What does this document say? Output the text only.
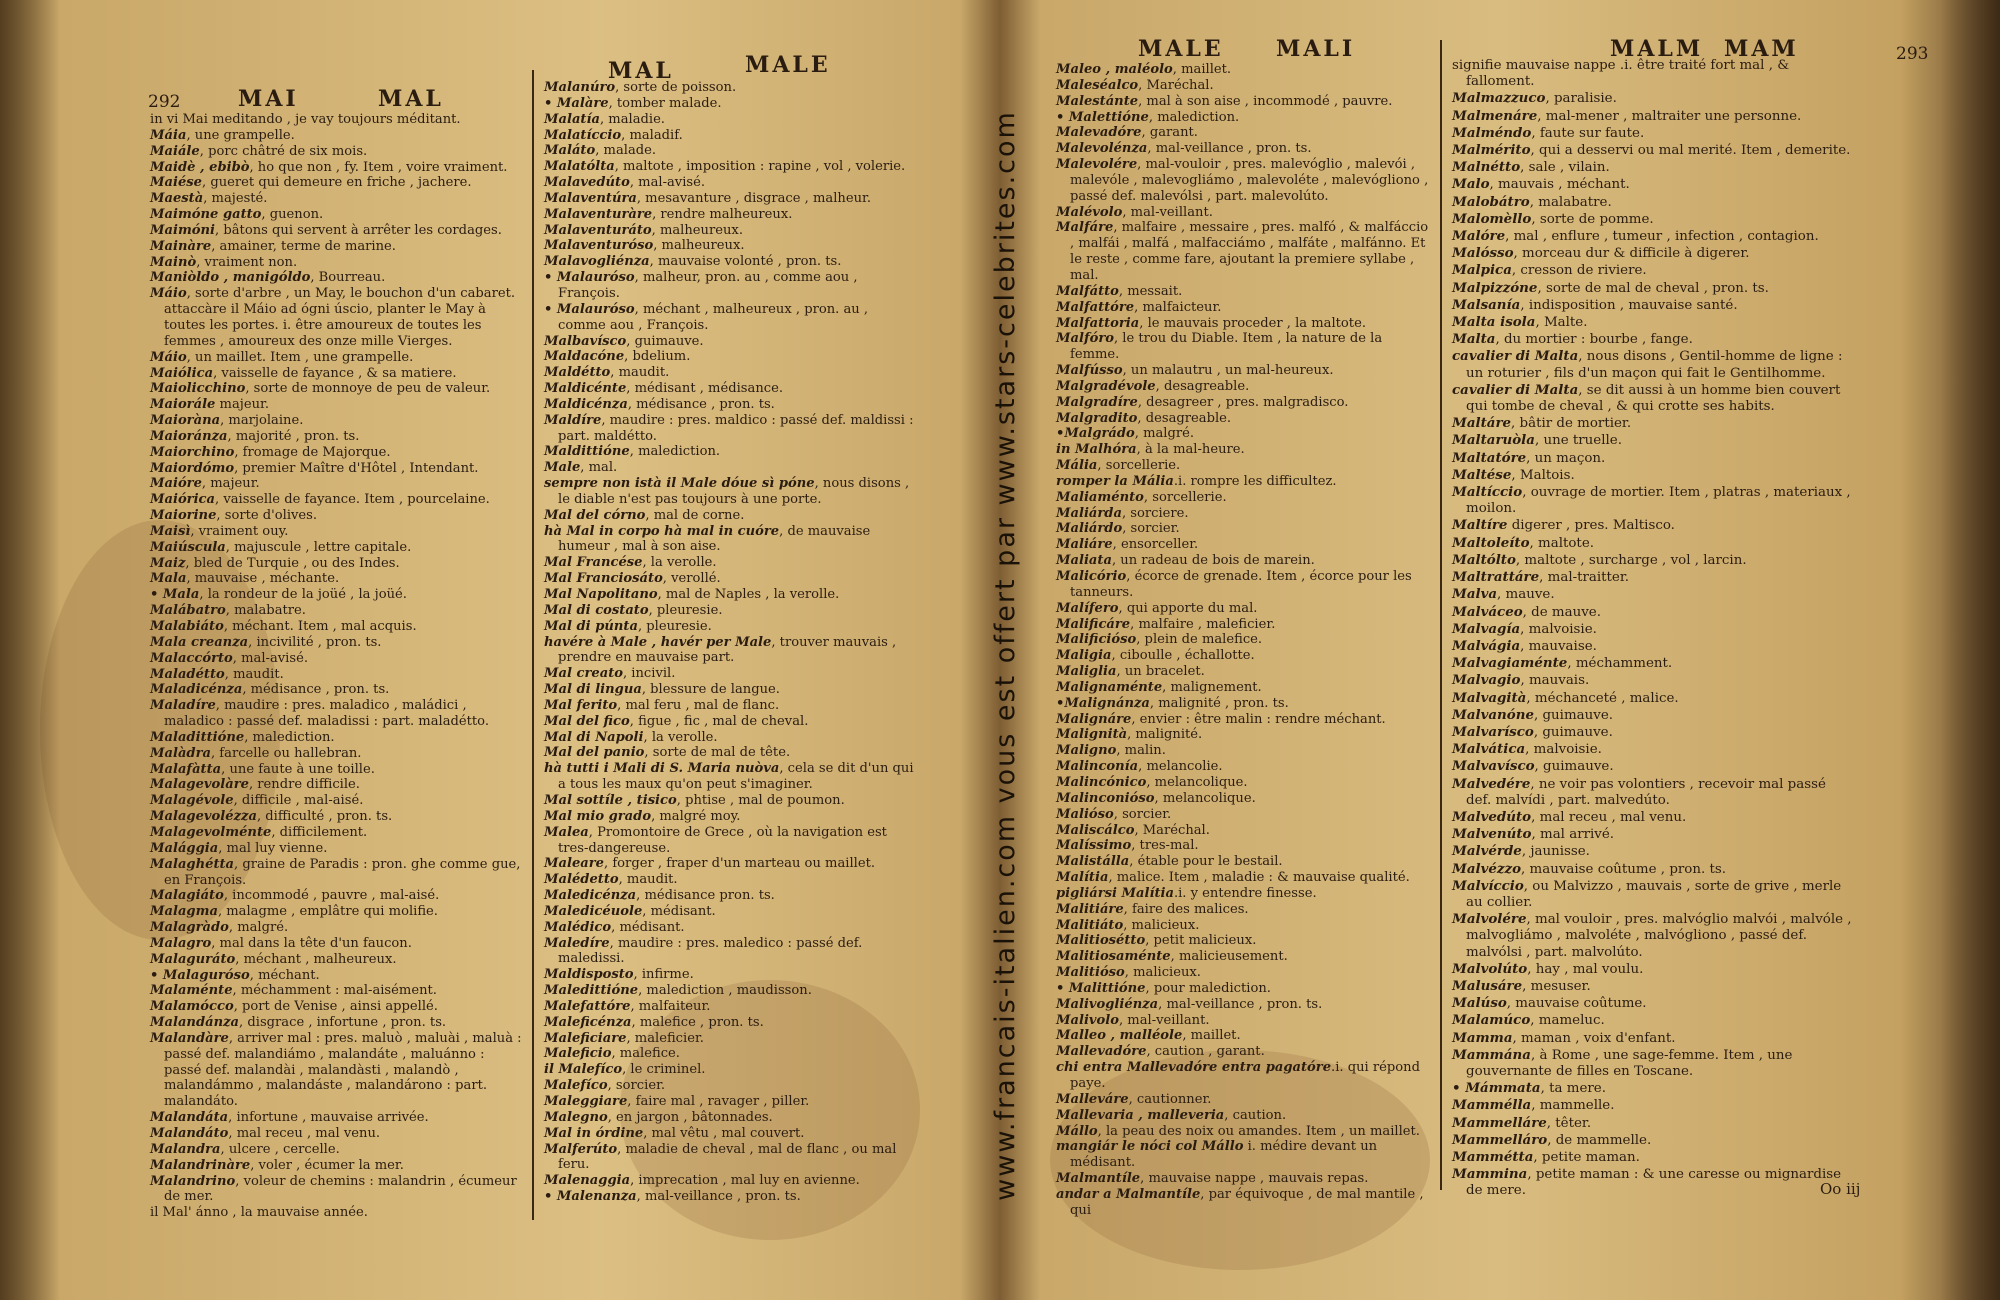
292	MAI	MAL
MAL	MALE

in vi Mai meditando , je vay toujours méditant.

Máia, une grampelle.

Maiále, porc châtré de six mois.

Maidè , ebibò, ho que non , fy. Item , voire vraiment.

Maiése, gueret qui demeure en friche , jachere.

Maestà, majesté.

Maimóne gatto, guenon.

Maimóni, bâtons qui servent à arrêter les cordages.

Mainàre, amainer, terme de marine.

Mainò, vraiment non.

Maniòldo , manigóldo, Bourreau.

Máio, sorte d'arbre , un May, le bouchon d'un cabaret. attaccàre il Máio ad ógni úscio, planter le May à toutes les portes. i. être amoureux de toutes les femmes , amoureux des onze mille Vierges.

Máio, un maillet. Item , une grampelle.

Maiólica, vaisselle de fayance , & sa matiere.

Maiolicchino, sorte de monnoye de peu de valeur.

Maiorále majeur.

Maioràna, marjolaine.

Maioránza, majorité , pron. ts.

Maiorchino, fromage de Majorque.

Maiordómo, premier Maître d'Hôtel , Intendant.

Maióre, majeur.

Maiórica, vaisselle de fayance. Item , pourcelaine.

Maiorine, sorte d'olives.

Maisì, vraiment ouy.

Maiúscula, majuscule , lettre capitale.

Maiz, bled de Turquie , ou des Indes.

Mala, mauvaise , méchante.

• Mala, la rondeur de la joüé , la joüé.

Malábatro, malabatre.

Malabiáto, méchant. Item , mal acquis.

Mala creanza, incivilité , pron. ts.

Malaccórto, mal-avisé.

Maladétto, maudit.

Maladicénza, médisance , pron. ts.

Maladíre, maudire : pres. maladico , maládici , maladico : passé def. maladissi : part. maladétto.

Maladittióne, malediction.

Malàdra, farcelle ou hallebran.

Malafàtta, une faute à une toille.

Malagevolàre, rendre difficile.

Malagévole, difficile , mal-aisé.

Malagevolézza, difficulté , pron. ts.

Malagevolménte, difficilement.

Malággia, mal luy vienne.

Malaghétta, graine de Paradis : pron. ghe comme gue, en François.

Malagiáto, incommodé , pauvre , mal-aisé.

Malagma, malagme , emplâtre qui molifie.

Malagràdo, malgré.

Malagro, mal dans la tête d'un faucon.

Malaguráto, méchant , malheureux.

• Malagurósо, méchant.

Malaménte, méchamment : mal-aisément.

Malamócco, port de Venise , ainsi appellé.

Malandánza, disgrace , infortune , pron. ts.

Malandàre, arriver mal : pres. maluò , maluài , maluà : passé def. malandiámo , malandáte , maluánno : passé def. malandài , malandàsti , malandò , malandámmo , malandáste , malandárono : part. malandáto.

Malandáta, infortune , mauvaise arrivée.

Malandáto, mal receu , mal venu.

Malandra, ulcere , cercelle.

Malandrinàre, voler , écumer la mer.

Malandrino, voleur de chemins : malandrin , écumeur de mer.

il Mal' ánno , la mauvaise année.

Malanúro, sorte de poisson.

• Malàre, tomber malade.

Malatía, maladie.

Malatíccio, maladif.

Maláto, malade.

Malatólta, maltote , imposition : rapine , vol , volerie.

Malavedúto, mal-avisé.

Malaventúra, mesavanture , disgrace , malheur.

Malaventuràre, rendre malheureux.

Malaventuráto, malheureux.

Malaventurósо, malheureux.

Malavogliénza, mauvaise volonté , pron. ts.

• Malauróso, malheur, pron. au , comme aou , François.

• Malauróso, méchant , malheureux , pron. au , comme aou , François.

Malbavísco, guimauve.

Maldacóne, bdelium.

Maldétto, maudit.

Maldicénte, médisant , médisance.

Maldicénza, médisance , pron. ts.

Maldíre, maudire : pres. maldico : passé def. maldissi : part. maldétto.

Maldittióne, malediction.

Male, mal.

sempre non istà il Male dóue sì póne, nous disons , le diable n'est pas toujours à une porte.

Mal del córno, mal de corne.

hà Mal in corpo hà mal in cuóre, de mauvaise humeur , mal à son aise.

Mal Francése, la verolle.

Mal Franciosáto, verollé.

Mal Napolitano, mal de Naples , la verolle.

Mal di costato, pleuresie.

Mal di púnta, pleuresie.

havére à Male , havér per Male, trouver mauvais , prendre en mauvaise part.

Mal creato, incivil.

Mal di lingua, blessure de langue.

Mal ferito, mal feru , mal de flanc.

Mal del fico, figue , fic , mal de cheval.

Mal di Napoli, la verolle.

Mal del panio, sorte de mal de tête.

hà tutti i Mali di S. Maria nuòva, cela se dit d'un qui a tous les maux qu'on peut s'imaginer.

Mal sottíle , tisico, phtise , mal de poumon.

Mal mio grado, malgré moy.

Malea, Promontoire de Grece , où la navigation est tres-dangereuse.

Maleare, forger , fraper d'un marteau ou maillet.

Malédetto, maudit.

Maledicénza, médisance pron. ts.

Maledicéuole, médisant.

Malédico, médisant.

Maledíre, maudire : pres. maledico : passé def. maledissi.

Maldisposto, infirme.

Maledittióne, malediction , maudisson.

Malefattóre, malfaiteur.

Maleficénza, malefice , pron. ts.

Maleficiare, maleficier.

Maleficio, malefice.

il Malefíco, le criminel.

Malefíco, sorcier.

Maleggiare, faire mal , ravager , piller.

Malegno, en jargon , bâtonnades.

Mal in órdine, mal vêtu , mal couvert.

Malferúto, maladie de cheval , mal de flanc , ou mal feru.

Malenaggia, imprecation , mal luy en avienne.

• Malenanza, mal-veillance , pron. ts.

MALE MALI	MALM MAM	293

Maleo , maléolo, maillet.

Maleséalco, Maréchal.

Malestánte, mal à son aise , incommodé , pauvre.

• Malettióne, malediction.

Malevadóre, garant.

Malevolénza, mal-veillance , pron. ts.

Malevolére, mal-vouloir , pres. malevóglio , malevói , malevóle , malevogliámo , malevoléte , malevógliono , passé def. malevólsi , part. malevolúto.

Malévolo, mal-veillant.

Malfáre, malfaire , messaire , pres. malfó , & malfáccio , malfái , malfá , malfacciámo , malfáte , malfánno. Et le reste , comme fare, ajoutant la premiere syllabe , mal.

Malfátto, messait.

Malfattóre, malfaicteur.

Malfattoria, le mauvais proceder , la maltote.

Malfóro, le trou du Diable. Item , la nature de la femme.

Malfússo, un malautru , un mal-heureux.

Malgradévole, desagreable.

Malgradíre, desagreer , pres. malgradisco.

Malgradito, desagreable.

•Malgrádo, malgré.

in Malhóra, à la mal-heure.

Mália, sorcellerie.

romper la Mália.i. rompre les difficultez.

Maliaménto, sorcellerie.

Maliárda, sorciere.

Maliárdo, sorcier.

Maliáre, ensorceller.

Maliata, un radeau de bois de marein.

Malicório, écorce de grenade. Item , écorce pour les tanneurs.

Malífero, qui apporte du mal.

Malificáre, malfaire , maleficier.

Malificiósо, plein de malefice.

Maligia, ciboulle , échallotte.

Maliglia, un bracelet.

Malignaménte, malignement.

•Malignánza, malignité , pron. ts.

Malignáre, envier : être malin : rendre méchant.

Malignità, malignité.

Maligno, malin.

Malinconía, melancolie.

Malincónico, melancolique.

Malinconióso, melancolique.

Malióso, sorcier.

Malisсálco, Maréchal.

Malíssimo, tres-mal.

Malistálla, étable pour le bestail.

Malítia, malice. Item , maladie : & mauvaise qualité.

pigliársi Malítia.i. y entendre finesse.

Malitiáre, faire des malices.

Malitiáto, malicieux.

Malitiosétto, petit malicieux.

Malitiosaménte, malicieusement.

Malitiósо, malicieux.

• Malittióne, pour malediction.

Malivogliénza, mal-veillance , pron. ts.

Malivolo, mal-veillant.

Malleo , malléole, maillet.

Mallevadóre, caution , garant.

chi entra Mallevadóre entra pagatóre.i. qui répond paye.

Malleváre, cautionner.

Mallevaria , malleveria, caution.

Mállo, la peau des noix ou amandes. Item , un maillet.

mangiár le nóci col Mállo i. médire devant un médisant.

Malmantíle, mauvaise nappe , mauvais repas.

andar a Malmantíle, par équivoque , de mal mantile , qui

signifie mauvaise nappe .i. être traité fort mal , & falloment.

Malmazzuco, paralisie.

Malmenáre, mal-mener , maltraiter une personne.

Malméndo, faute sur faute.

Malmérito, qui a desservi ou mal merité. Item , demerite.

Malnétto, sale , vilain.

Malo, mauvais , méchant.

Malobátro, malabatre.

Malomèllo, sorte de pomme.

Malóre, mal , enflure , tumeur , infection , contagion.

Malósso, morceau dur & difficile à digerer.

Malpica, cresson de riviere.

Malpizzóne, sorte de mal de cheval , pron. ts.

Malsanía, indisposition , mauvaise santé.

Malta isola, Malte.

Malta, du mortier : bourbe , fange.

cavalier di Malta, nous disons , Gentil-homme de ligne : un roturier , fils d'un maçon qui fait le Gentilhomme.

cavalier di Malta, se dit aussi à un homme bien couvert qui tombe de cheval , & qui crotte ses habits.

Maltáre, bâtir de mortier.

Maltaruòla, une truelle.

Maltatóre, un maçon.

Maltése, Maltois.

Maltíccio, ouvrage de mortier. Item , platras , materiaux , moilon.

Maltíre digerer , pres. Maltisco.

Maltoleíto, maltote.

Maltólto, maltote , surcharge , vol , larcin.

Maltrattáre, mal-traitter.

Malva, mauve.

Malváceo, de mauve.

Malvagía, malvoisie.

Malvágia, mauvaise.

Malvagiaménte, méchamment.

Malvagio, mauvais.

Malvagità, méchanceté , malice.

Malvanóne, guimauve.

Malvarísco, guimauve.

Malvática, malvoisie.

Malvavísco, guimauve.

Malvedére, ne voir pas volontiers , recevoir mal passé def. malvídi , part. malvedúto.

Malvedúto, mal receu , mal venu.

Malvenúto, mal arrivé.

Malvérde, jaunisse.

Malvézzo, mauvaise coûtume , pron. ts.

Malvíccio, ou Malvizzo , mauvais , sorte de grive , merle au collier.

Malvolére, mal vouloir , pres. malvóglio malvói , malvóle , malvogliámo , malvoléte , malvógliono , passé def. malvólsi , part. malvolúto.

Malvolúto, hay , mal voulu.

Malusáre, mesuser.

Malúso, mauvaise coûtume.

Malamúco, mameluc.

Mamma, maman , voix d'enfant.

Mammána, à Rome , une sage-femme. Item , une gouvernante de filles en Toscane.

• Mámmata, ta mere.

Mammélla, mammelle.

Mammelláre, têter.

Mammelláro, de mammelle.

Mammétta, petite maman.

Mammina, petite maman : & une caresse ou mignardise de mere.	Oo iij
www.francais-italien.com vous est offert par www.stars-celebrites.com
